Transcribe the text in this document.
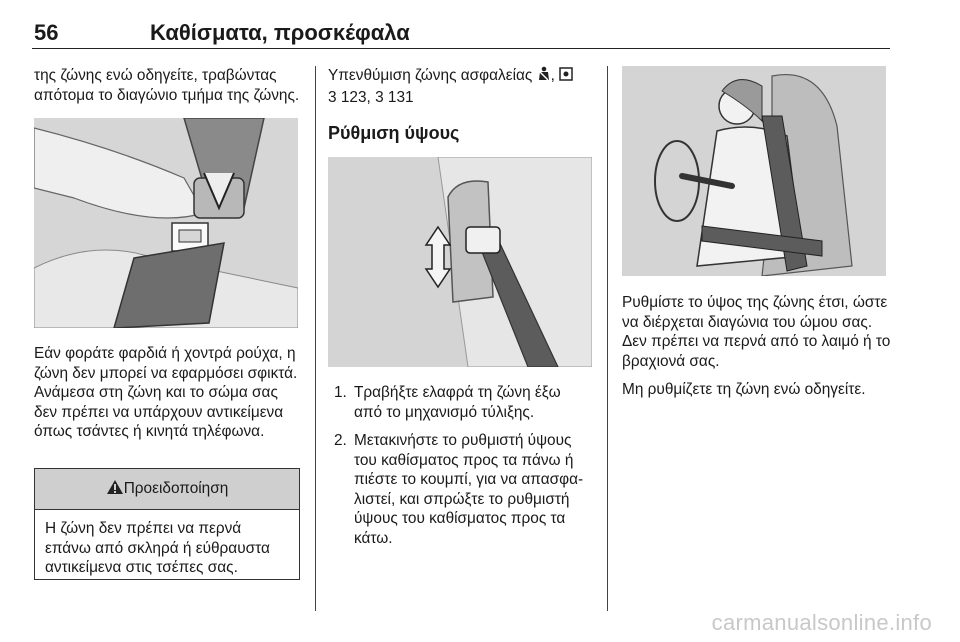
56	Καθίσματα, προσκέφαλα

της ζώνης ενώ οδηγείτε, τραβώντας απότομα το διαγώνιο τμήμα της ζώνης.

Εάν φοράτε φαρδιά ή χοντρά ρούχα, η ζώνη δεν μπορεί να εφαρμόσει σφικτά. Ανάμεσα στη ζώνη και το σώμα σας δεν πρέπει να υπάρχουν αντικείμενα όπως τσάντες ή κινητά τηλέφωνα.

Προειδοποίηση
Η ζώνη δεν πρέπει να περνά επάνω από σκληρά ή εύθραυστα αντικείμενα στις τσέπες σας.

Υπενθύμιση ζώνης ασφαλείας ,

3 123, 3 131

Ρύθμιση ύψους

1. Τραβήξτε ελαφρά τη ζώνη έξω από το μηχανισμό τύλιξης.
2. Μετακινήστε το ρυθμιστή ύψους του καθίσματος προς τα πάνω ή πιέστε το κουμπί, για να απασφα-λιστεί, και σπρώξτε το ρυθμιστή ύψους του καθίσματος προς τα κάτω.

Ρυθμίστε το ύψος της ζώνης έτσι, ώστε να διέρχεται διαγώνια του ώμου σας. Δεν πρέπει να περνά από το λαιμό ή το βραχιονά σας.

Μη ρυθμίζετε τη ζώνη ενώ οδηγείτε.

carmanualsonline.info
